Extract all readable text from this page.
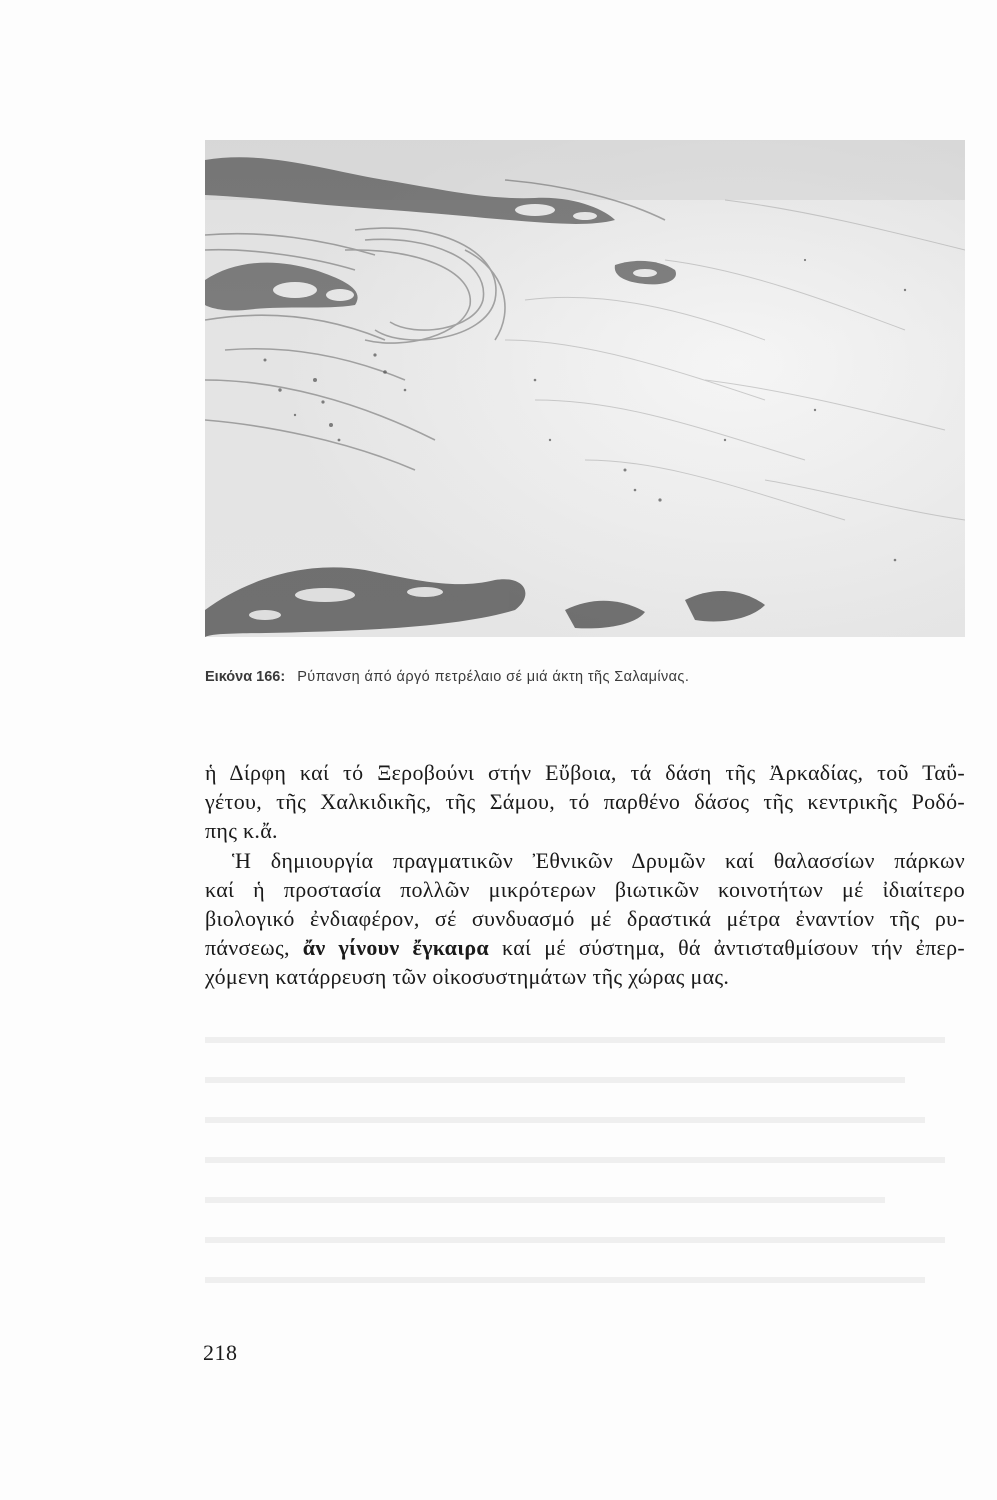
Εικόνα 166: Ρύπανση άπό άργό πετρέλαιο σέ μιά άκτη τῆς Σαλαμίνας.
ἡ Δίρφη καί τό Ξεροβούνι στήν Εὔβοια, τά δάση τῆς Ἀρκαδίας, τοῦ Ταΰ-
γέτου, τῆς Χαλκιδικῆς, τῆς Σάμου, τό παρθένο δάσος τῆς κεντρικῆς Ροδό-
πης κ.ἄ.
Ἡ δημιουργία πραγματικῶν Ἐθνικῶν Δρυμῶν καί θαλασσίων πάρκων
καί ἡ προστασία πολλῶν μικρότερων βιωτικῶν κοινοτήτων μέ ἰδιαίτερο
βιολογικό ἐνδιαφέρον, σέ συνδυασμό μέ δραστικά μέτρα ἐναντίον τῆς ρυ-
πάνσεως, ἄν γίνουν ἔγκαιρα καί μέ σύστημα, θά ἀντισταθμίσουν τήν ἐπερ-
χόμενη κατάρρευση τῶν οἰκοσυστημάτων τῆς χώρας μας.
218
